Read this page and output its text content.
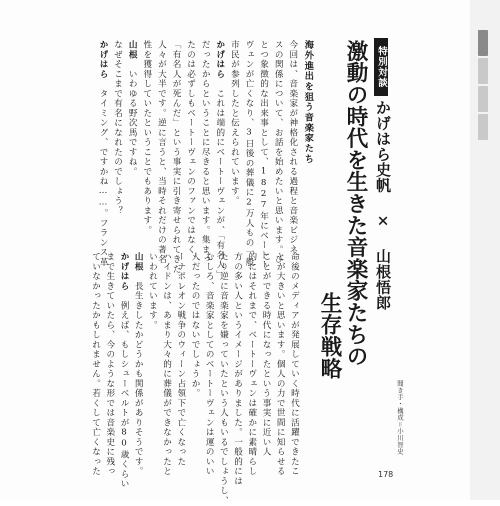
特別対談
かげはら史帆 × 山根悟郎
激動の時代を生きた音楽家たちの
生存戦略
聞き手・構成＝小川智史
命後のメディアが発展していく時代に活躍できたこ
とが大きいと思います。個人の力で世間に知らせる
ことができる時代になったという事実に近い人
的にはそれまで、ベートーヴェンは確かに素晴らし
方の多い人というイメージがありました。一般的には
たり逆に音楽家を嫌っていたという人もいるでしょうし、
むしろ、音楽家としてのベートーヴェンは運のいい
人だったのではないでしょうか。
ーナポレオン戦争のウィーン占領下で亡くなった
ハイドンは、あまり大々的に葬儀ができなかったと
いわれています。
山根　長生きしたかどうかも関係がありそうです。
かげはら　例えば、もしシューベルトが80歳くらい
まで生きていたら、今のような形では音楽史に残っ
ていなかったかもしれません。若くして亡くなった
海外進出を狙う音楽家たち
今回は、音楽家が神格化される過程と音楽ビジネ
スの関係について、お話を始めたいと思います。ひ
とつ象徴的な出来事として、1827年にベートー
ヴェンが亡くなり、3日後の葬儀に2万人もの一般
市民が参列したと伝えられています。
かげはら　これは端的にベートーヴェンが、「有名人」
だったからということに尽きると思います。集まっ
たのは必ずしもベートーヴェンのファンではなく、
「有名人が死んだ」という事実に引き寄せられてきた
人々が大半です。逆に言うと、当時それだけの著名
性を獲得していたということでもあります。
山根　いわゆる野次馬ですね。
なぜそこまで有名になれたのでしょう？
かげはら　タイミング、ですかね……。フランス革
178
